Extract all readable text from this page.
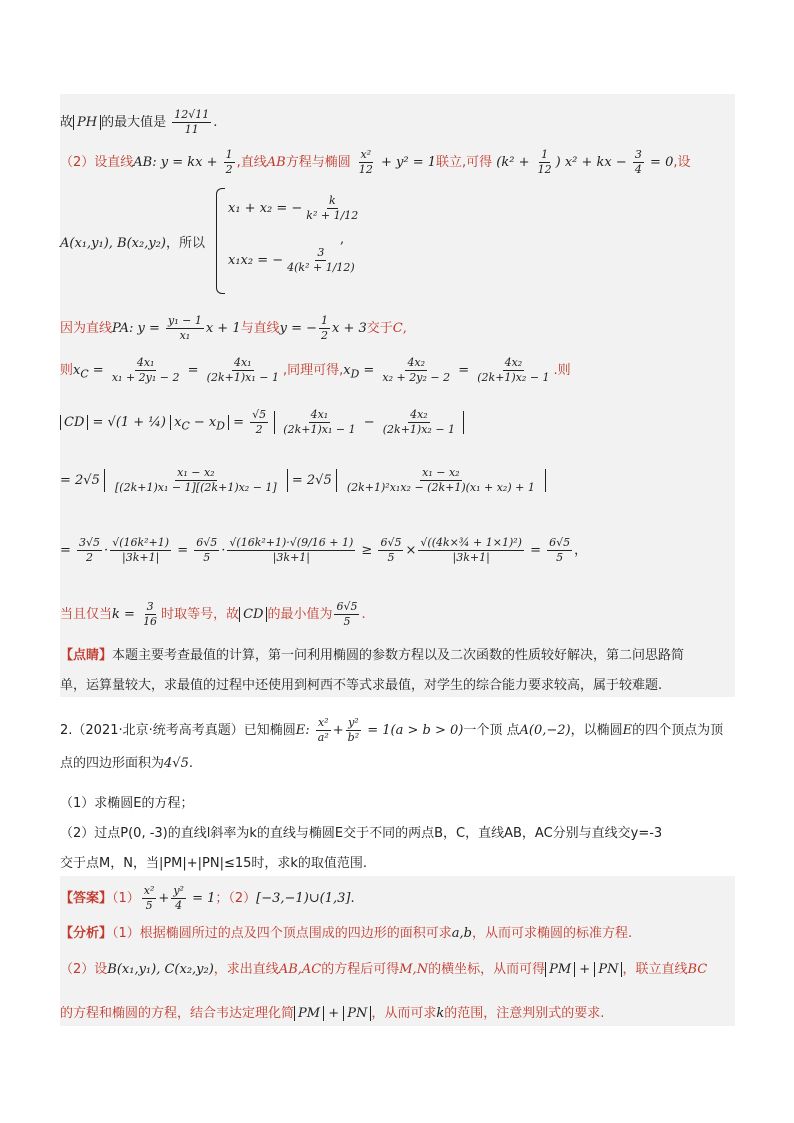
故 PH 的最大值是 $\frac{12√11}{11}$ .
（2）设直线AB: y = kx + $\frac{1}{2}$ ,直线AB方程与椭圆 $\frac{\text{x²}}{12} + y^2 = 1$联立,可得 ($k^2 + \frac{1}{12}$ ) x² + kx − $\frac{3}{4} = 0$,设
A(x₁,y₁), B(x₂,y₂)，所以
x₁ + x₂ = − $\frac{k}{\text{k² + 1/12}}$
x₁x₂ = − $\frac{3}{\text{4(k² + 1/12)}}$
,
因为直线PA: $y = \frac{\text{y₁ − 1}}{\text{x₁}}$ x + 1与直线y = − $\frac{1}{2}$ x + 3交于C,
则$x_C = \frac{\text{4x₁}}{\text{x₁ + 2y₁ − 2}} = \frac{\text{4x₁}}{\text{(2k+1)x₁ − 1}}$ ,同理可得$,x_D = \frac{\text{4x₂}}{\text{x₂ + 2y₂ − 2}} = \frac{\text{4x₂}}{\text{(2k+1)x₂ − 1}}$ .则
CD = √(1 + ¼) $x_C - x_D = \frac{√5}{2}$
$\frac{\text{4x₁}}{\text{(2k+1)x₁ − 1}} - \frac{\text{4x₂}}{\text{(2k+1)x₂ − 1}}$
= $2√5 \frac{\text{x₁ − x₂}}{\text{[(2k+1)x₁ − 1][(2k+1)x₂ − 1]}} = 2√5 \frac{\text{x₁ − x₂}}{\text{(2k+1)²x₁x₂ − (2k+1)(x₁ + x₂) + 1}}$
= $\frac{3√5}{2} \cdot \frac{\text{√(16k²+1)}}{|3k+1|} = \frac{6√5}{5} \cdot \frac{\text{√(16k²+1)·√(9/16 + 1)}}{|3k+1|} \ge \frac{6√5}{5} \times \frac{\text{√((4k×¾ + 1×1)²)}}{|3k+1|} = \frac{6√5}{5}$ ，
当且仅当$k = \frac{3}{16}$ 时取等号，故 CD 的最小值为 $\frac{6√5}{5}$ .
【点睛】本题主要考查最值的计算，第一问利用椭圆的参数方程以及二次函数的性质较好解决，第二问思路简
单，运算量较大，求最值的过程中还使用到柯西不等式求最值，对学生的综合能力要求较高，属于较难题.
2.（2021·北京·统考高考真题）已知椭圆E: $\frac{\text{x²}}{\text{a²}} + \frac{\text{y²}}{\text{b²}} = 1(a > b > 0)$一个顶 点A(0,−2)，以椭圆E的四个顶点为顶
点的四边形面积为4√5.
（1）求椭圆E的方程；
（2）过点P(0, -3)的直线l斜率为k的直线与椭圆E交于不同的两点B，C，直线AB，AC分别与直线交y=-3
交于点M，N，当|PM|+|PN|≤15时，求k的取值范围.
【答案】$(1) \frac{\text{x²}}{5} + \frac{\text{y²}}{4} = 1$；（2）[−3,−1)∪(1,3].
【分析】（1）根据椭圆所过的点及四个顶点围成的四边形的面积可求a,b，从而可求椭圆的标准方程.
（2）设B(x₁,y₁), C(x₂,y₂)，求出直线AB,AC的方程后可得M,N的横坐标，从而可得 PM + PN ，联立直线BC
的方程和椭圆的方程，结合韦达定理化简 PM + PN ，从而可求k的范围，注意判别式的要求.
